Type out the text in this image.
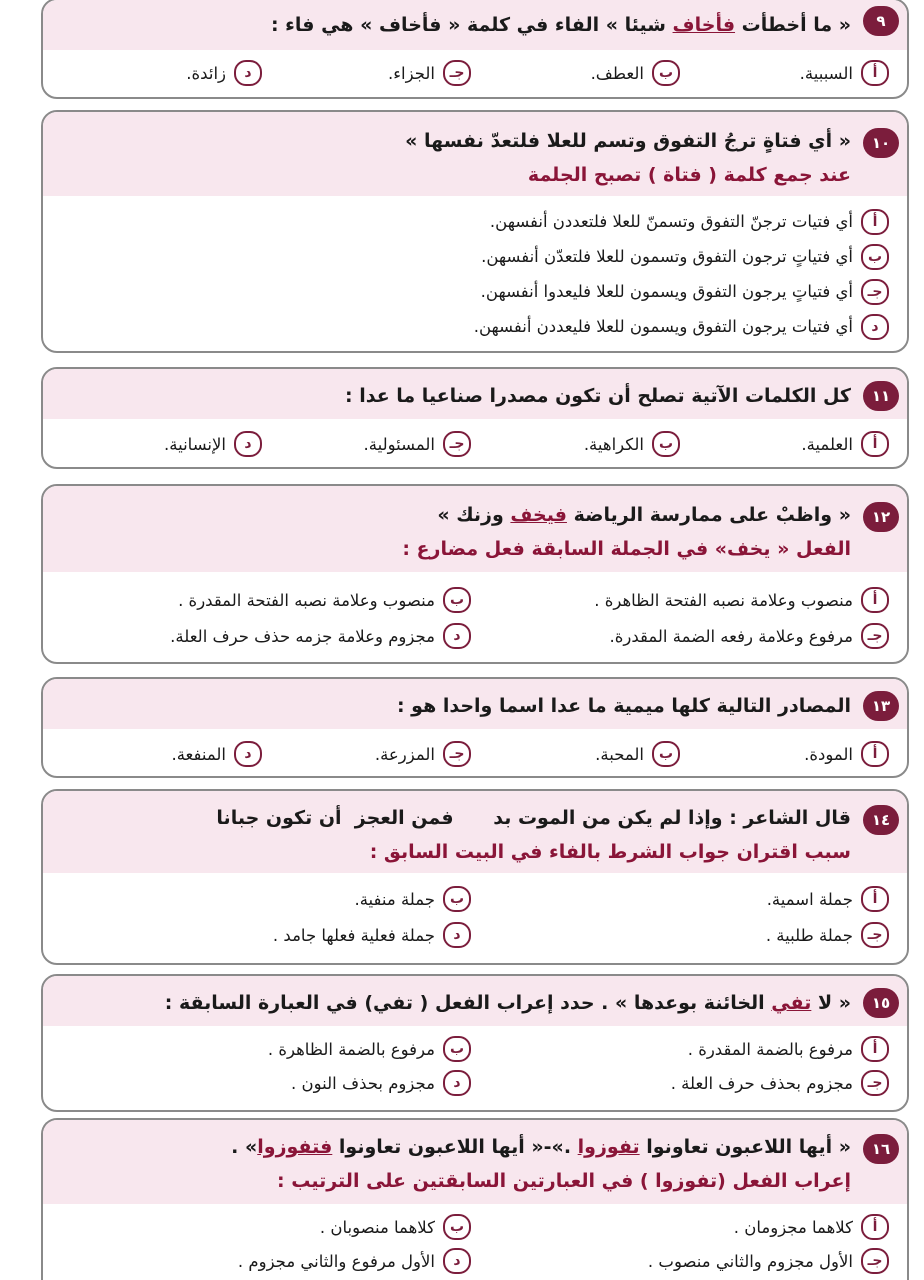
٩
« ما أخطأت فأخاف شيئا » الفاء في كلمة « فأخاف » هي فاء :
أ
السببية.
ب
العطف.
جـ
الجزاء.
د
زائدة.
١٠
« أي فتاةٍ ترجُ التفوق وتسم للعلا فلتعدّ نفسها »
عند جمع كلمة ( فتاة ) تصبح الجلمة
أ
أي فتيات ترجنّ التفوق وتسمنّ للعلا فلتعددن أنفسهن.
ب
أي فتياتٍ ترجون التفوق وتسمون للعلا فلتعدّن أنفسهن.
جـ
أي فتياتٍ يرجون التفوق ويسمون للعلا فليعدوا أنفسهن.
د
أي فتيات يرجون التفوق ويسمون للعلا فليعددن أنفسهن.
١١
كل الكلمات الآتية تصلح أن تكون مصدرا صناعيا ما عدا :
أ
العلمية.
ب
الكراهية.
جـ
المسئولية.
د
الإنسانية.
١٢
« واظبْ على ممارسة الرياضة فيخف وزنك »
الفعل « يخف» في الجملة السابقة فعل مضارع :
أ
منصوب وعلامة نصبه الفتحة الظاهرة .
ب
منصوب وعلامة نصبه الفتحة المقدرة .
جـ
مرفوع وعلامة رفعه الضمة المقدرة.
د
مجزوم وعلامة جزمه حذف حرف العلة.
١٣
المصادر التالية كلها ميمية ما عدا اسما واحدا هو :
أ
المودة.
ب
المحبة.
جـ
المزرعة.
د
المنفعة.
١٤
قال الشاعر : وإذا لم يكن من الموت بد      فمن العجز  أن تكون جبانا
سبب اقتران جواب الشرط بالفاء في البيت السابق :
أ
جملة اسمية.
ب
جملة منفية.
جـ
جملة طلبية .
د
جملة فعلية فعلها جامد .
١٥
« لا تفي الخائنة بوعدها » . حدد إعراب الفعل ( تفي) في العبارة السابقة :
أ
مرفوع بالضمة المقدرة .
ب
مرفوع بالضمة الظاهرة .
جـ
مجزوم بحذف حرف العلة .
د
مجزوم بحذف النون .
١٦
« أيها اللاعبون تعاونوا تفوزوا .»-« أيها اللاعبون تعاونوا فتفوزوا» .
إعراب الفعل (تفوزوا ) في العبارتين السابقتين على الترتيب :
أ
كلاهما مجزومان .
ب
كلاهما منصوبان .
جـ
الأول مجزوم والثاني منصوب .
د
الأول مرفوع والثاني مجزوم .
